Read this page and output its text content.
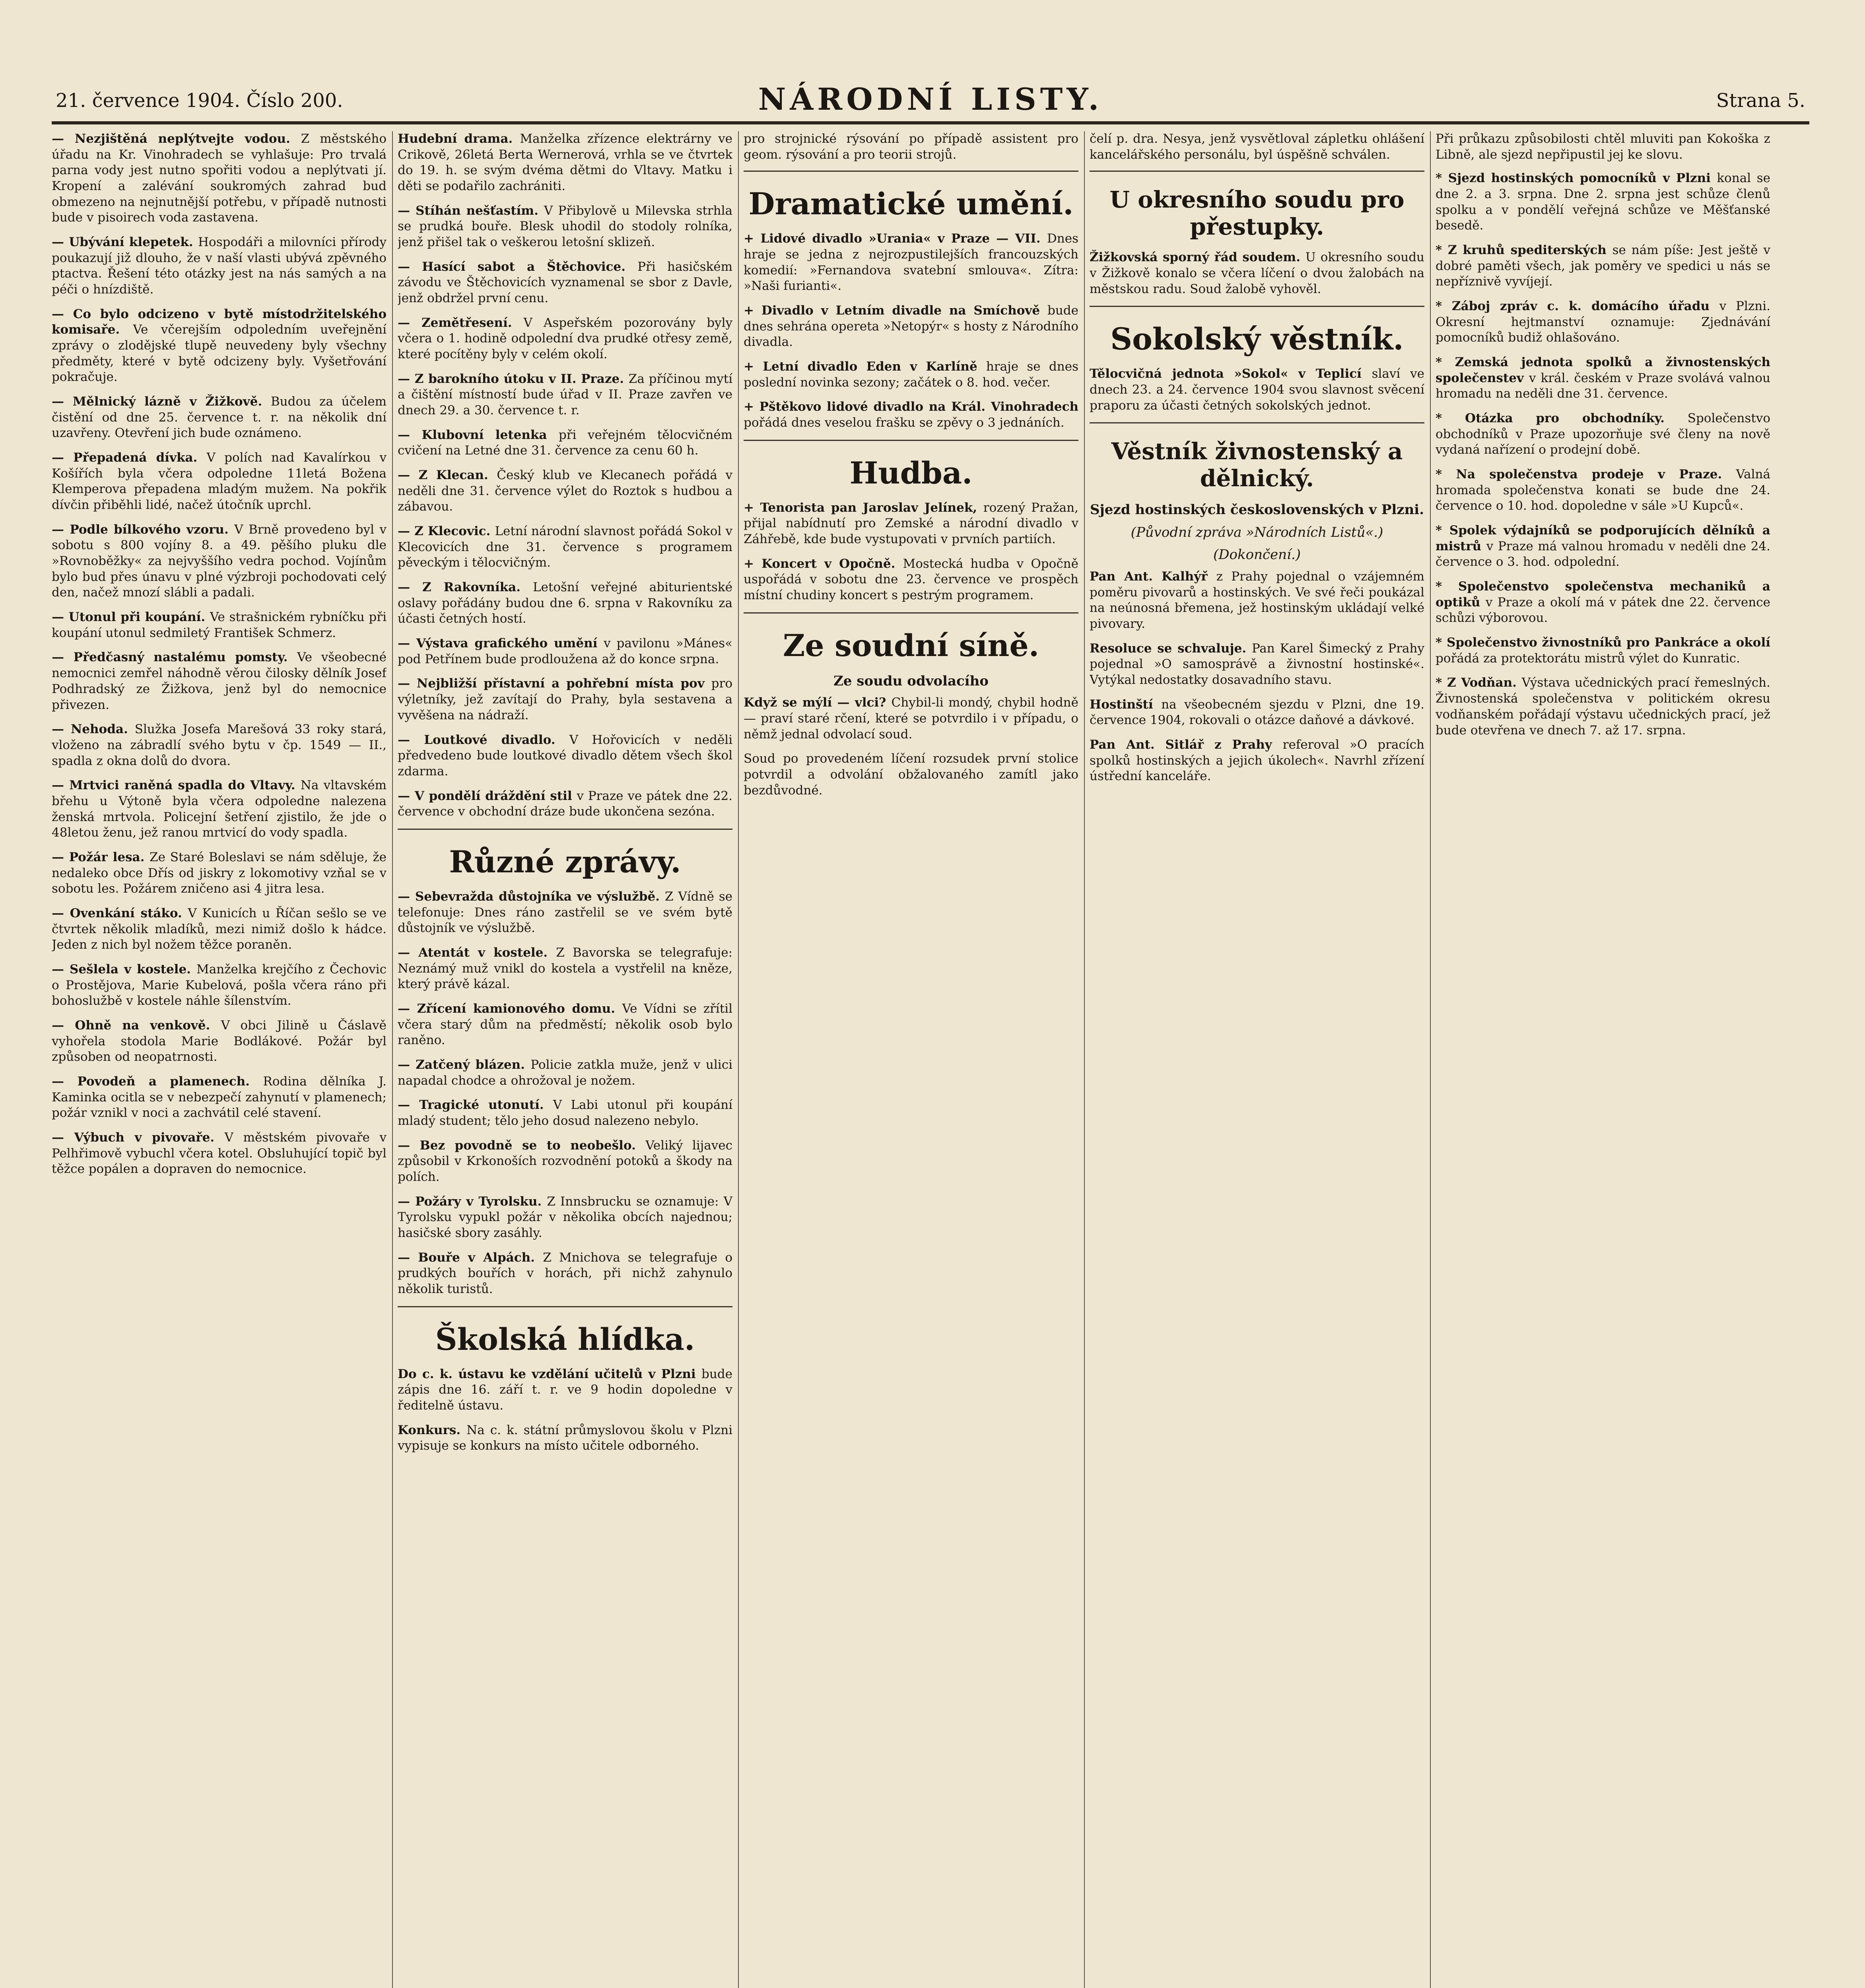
21. července 1904. Číslo 200.	NÁRODNÍ LISTY.	Strana 5.
— Nezjištěná neplýtvejte vodou. Z městského úřadu na Kr. Vinohradech se vyhlašuje: Pro trvalá parna vody jest nutno spořiti vodou a neplýtvati jí. Kropení a zalévání soukromých zahrad bud obmezeno na nejnutnější potřebu, v případě nutnosti bude v pisoirech voda zastavena.
— Ubývání klepetek. Hospodáři a milovníci přírody poukazují již dlouho, že v naší vlasti ubývá zpěvného ptactva. Řešení této otázky jest na nás samých a na péči o hnízdiště.
— Co bylo odcizeno v bytě místodržitelského komisaře. Ve včerejším odpoledním uveřejnění zprávy o zlodějské tlupě neuvedeny byly všechny předměty, které v bytě odcizeny byly. Vyšetřování pokračuje.
— Mělnický lázně v Žižkově. Budou za účelem čistění od dne 25. července t. r. na několik dní uzavřeny. Otevření jich bude oznámeno.
— Přepadená dívka. V polích nad Kavalírkou v Košířích byla včera odpoledne 11letá Božena Klemperova přepadena mladým mužem. Na pokřik dívčin přiběhli lidé, načež útočník uprchl.
— Podle bílkového vzoru. V Brně provedeno byl v sobotu s 800 vojíny 8. a 49. pěšího pluku dle »Rovnoběžky« za nejvyššího vedra pochod. Vojínům bylo bud přes únavu v plné výzbroji pochodovati celý den, načež mnozí slábli a padali.
— Utonul při koupání. Ve strašnickém rybníčku při koupání utonul sedmiletý František Schmerz.
— Předčasný nastalému pomsty. Ve všeobecné nemocnici zemřel náhodně věrou čilosky dělník Josef Podhradský ze Žižkova, jenž byl do nemocnice přivezen.
— Nehoda. Služka Josefa Marešová 33 roky stará, vloženo na zábradlí svého bytu v čp. 1549 — II., spadla z okna dolů do dvora.
— Mrtvici raněná spadla do Vltavy. Na vltavském břehu u Výtoně byla včera odpoledne nalezena ženská mrtvola. Policejní šetření zjistilo, že jde o 48letou ženu, jež ranou mrtvicí do vody spadla.
— Požár lesa. Ze Staré Boleslavi se nám sděluje, že nedaleko obce Dřís od jiskry z lokomotivy vzňal se v sobotu les. Požárem zničeno asi 4 jitra lesa.
— Ovenkání stáko. V Kunicích u Říčan sešlo se ve čtvrtek několik mladíků, mezi nimiž došlo k hádce. Jeden z nich byl nožem těžce poraněn.
— Sešlela v kostele. Manželka krejčího z Čechovic o Prostějova, Marie Kubelová, pošla včera ráno při bohoslužbě v kostele náhle šílenstvím.
— Ohně na venkově. V obci Jilině u Čáslavě vyhořela stodola Marie Bodlákové. Požár byl způsoben od neopatrnosti.
— Povodeň a plamenech. Rodina dělníka J. Kaminka ocitla se v nebezpečí zahynutí v plamenech; požár vznikl v noci a zachvátil celé stavení.
— Výbuch v pivovaře. V městském pivovaře v Pelhřimově vybuchl včera kotel. Obsluhující topič byl těžce popálen a dopraven do nemocnice.
Hudební drama. Manželka zřízence elektrárny ve Crikově, 26letá Berta Wernerová, vrhla se ve čtvrtek do 19. h. se svým dvéma dětmi do Vltavy. Matku i děti se podařilo zachrániti.
— Stíhán nešťastím. V Přibylově u Milevska strhla se prudká bouře. Blesk uhodil do stodoly rolníka, jenž přišel tak o veškerou letošní sklizeň.
— Hasící sabot a Štěchovice. Při hasičském závodu ve Štěchovicích vyznamenal se sbor z Davle, jenž obdržel první cenu.
— Zemětřesení. V Aspeřském pozorovány byly včera o 1. hodině odpolední dva prudké otřesy země, které pocítěny byly v celém okolí.
— Z barokního útoku v II. Praze. Za příčinou mytí a čištění místností bude úřad v II. Praze zavřen ve dnech 29. a 30. července t. r.
— Klubovní letenka při veřejném tělocvičném cvičení na Letné dne 31. července za cenu 60 h.
— Z Klecan. Český klub ve Klecanech pořádá v neděli dne 31. července výlet do Roztok s hudbou a zábavou.
— Z Klecovic. Letní národní slavnost pořádá Sokol v Klecovicích dne 31. července s programem pěveckým i tělocvičným.
— Z Rakovníka. Letošní veřejné abiturientské oslavy pořádány budou dne 6. srpna v Rakovníku za účasti četných hostí.
— Výstava grafického umění v pavilonu »Mánes« pod Petřínem bude prodloužena až do konce srpna.
— Nejbližší přístavní a pohřební místa pov pro výletníky, jež zavítají do Prahy, byla sestavena a vyvěšena na nádraží.
— Loutkové divadlo. V Hořovicích v neděli předvedeno bude loutkové divadlo dětem všech škol zdarma.
— V pondělí dráždění stil v Praze ve pátek dne 22. července v obchodní dráze bude ukončena sezóna.
Různé zprávy.
— Sebevražda důstojníka ve výslužbě. Z Vídně se telefonuje: Dnes ráno zastřelil se ve svém bytě důstojník ve výslužbě.
— Atentát v kostele. Z Bavorska se telegrafuje: Neznámý muž vnikl do kostela a vystřelil na kněze, který právě kázal.
— Zřícení kamionového domu. Ve Vídni se zřítil včera starý dům na předměstí; několik osob bylo raněno.
— Zatčený blázen. Policie zatkla muže, jenž v ulici napadal chodce a ohrožoval je nožem.
— Tragické utonutí. V Labi utonul při koupání mladý student; tělo jeho dosud nalezeno nebylo.
— Bez povodně se to neobešlo. Veliký lijavec způsobil v Krkonoších rozvodnění potoků a škody na polích.
— Požáry v Tyrolsku. Z Innsbrucku se oznamuje: V Tyrolsku vypukl požár v několika obcích najednou; hasičské sbory zasáhly.
— Bouře v Alpách. Z Mnichova se telegrafuje o prudkých bouřích v horách, při nichž zahynulo několik turistů.
Školská hlídka.
Do c. k. ústavu ke vzdělání učitelů v Plzni bude zápis dne 16. září t. r. ve 9 hodin dopoledne v ředitelně ústavu.
Konkurs. Na c. k. státní průmyslovou školu v Plzni vypisuje se konkurs na místo učitele odborného.
pro strojnické rýsování po případě assistent pro geom. rýsování a pro teorii strojů.
Dramatické umění.
+ Lidové divadlo »Urania« v Praze — VII. Dnes hraje se jedna z nejrozpustilejších francouzských komedií: »Fernandova svatební smlouva«. Zítra: »Naši furianti«.
+ Divadlo v Letním divadle na Smíchově bude dnes sehrána opereta »Netopýr« s hosty z Národního divadla.
+ Letní divadlo Eden v Karlíně hraje se dnes poslední novinka sezony; začátek o 8. hod. večer.
+ Pštěkovo lidové divadlo na Král. Vinohradech pořádá dnes veselou frašku se zpěvy o 3 jednáních.
Hudba.
+ Tenorista pan Jaroslav Jelínek, rozený Pražan, přijal nabídnutí pro Zemské a národní divadlo v Záhřebě, kde bude vystupovati v prvních partiích.
+ Koncert v Opočně. Mostecká hudba v Opočně uspořádá v sobotu dne 23. července ve prospěch místní chudiny koncert s pestrým programem.
Ze soudní síně.
Ze soudu odvolacího
Když se mýlí — vlci? Chybil-li mondý, chybil hodně — praví staré rčení, které se potvrdilo i v případu, o němž jednal odvolací soud.
Soud po provedeném líčení rozsudek první stolice potvrdil a odvolání obžalovaného zamítl jako bezdůvodné.
čelí p. dra. Nesya, jenž vysvětloval zápletku ohlášení kancelářského personálu, byl úspěšně schválen.
U okresního soudu pro přestupky.
Žižkovská sporný řád soudem. U okresního soudu v Žižkově konalo se včera líčení o dvou žalobách na městskou radu. Soud žalobě vyhověl.
Sokolský věstník.
Tělocvičná jednota »Sokol« v Teplicí slaví ve dnech 23. a 24. července 1904 svou slavnost svěcení praporu za účasti četných sokolských jednot.
Věstník živnostenský a dělnický.
Sjezd hostinských československých v Plzni.
(Původní zpráva »Národních Listů«.)
(Dokončení.)
Pan Ant. Kalhýř z Prahy pojednal o vzájemném poměru pivovarů a hostinských. Ve své řeči poukázal na neúnosná břemena, jež hostinským ukládají velké pivovary.
Resoluce se schvaluje. Pan Karel Šimecký z Prahy pojednal »O samosprávě a živnostní hostinské«. Vytýkal nedostatky dosavadního stavu.
Hostinští na všeobecném sjezdu v Plzni, dne 19. července 1904, rokovali o otázce daňové a dávkové.
Pan Ant. Sitlář z Prahy referoval »O pracích spolků hostinských a jejich úkolech«. Navrhl zřízení ústřední kanceláře.
Při průkazu způsobilosti chtěl mluviti pan Kokoška z Libně, ale sjezd nepřipustil jej ke slovu.
* Sjezd hostinských pomocníků v Plzni konal se dne 2. a 3. srpna. Dne 2. srpna jest schůze členů spolku a v pondělí veřejná schůze ve Měšťanské besedě.
* Z kruhů spediterských se nám píše: Jest ještě v dobré paměti všech, jak poměry ve spedici u nás se nepříznivě vyvíjejí.
* Záboj zpráv c. k. domácího úřadu v Plzni. Okresní hejtmanství oznamuje: Zjednávání pomocníků budiž ohlašováno.
* Zemská jednota spolků a živnostenských společenstev v král. českém v Praze svolává valnou hromadu na neděli dne 31. července.
* Otázka pro obchodníky. Společenstvo obchodníků v Praze upozorňuje své členy na nově vydaná nařízení o prodejní době.
* Na společenstva prodeje v Praze. Valná hromada společenstva konati se bude dne 24. července o 10. hod. dopoledne v sále »U Kupců«.
* Spolek výdajníků se podporujících dělníků a mistrů v Praze má valnou hromadu v neděli dne 24. července o 3. hod. odpolední.
* Společenstvo společenstva mechaniků a optiků v Praze a okolí má v pátek dne 22. července schůzi výborovou.
* Společenstvo živnostníků pro Pankráce a okolí pořádá za protektorátu mistrů výlet do Kunratic.
* Z Vodňan. Výstava učednických prací řemeslných. Živnostenská společenstva v politickém okresu vodňanském pořádají výstavu učednických prací, jež bude otevřena ve dnech 7. až 17. srpna.
